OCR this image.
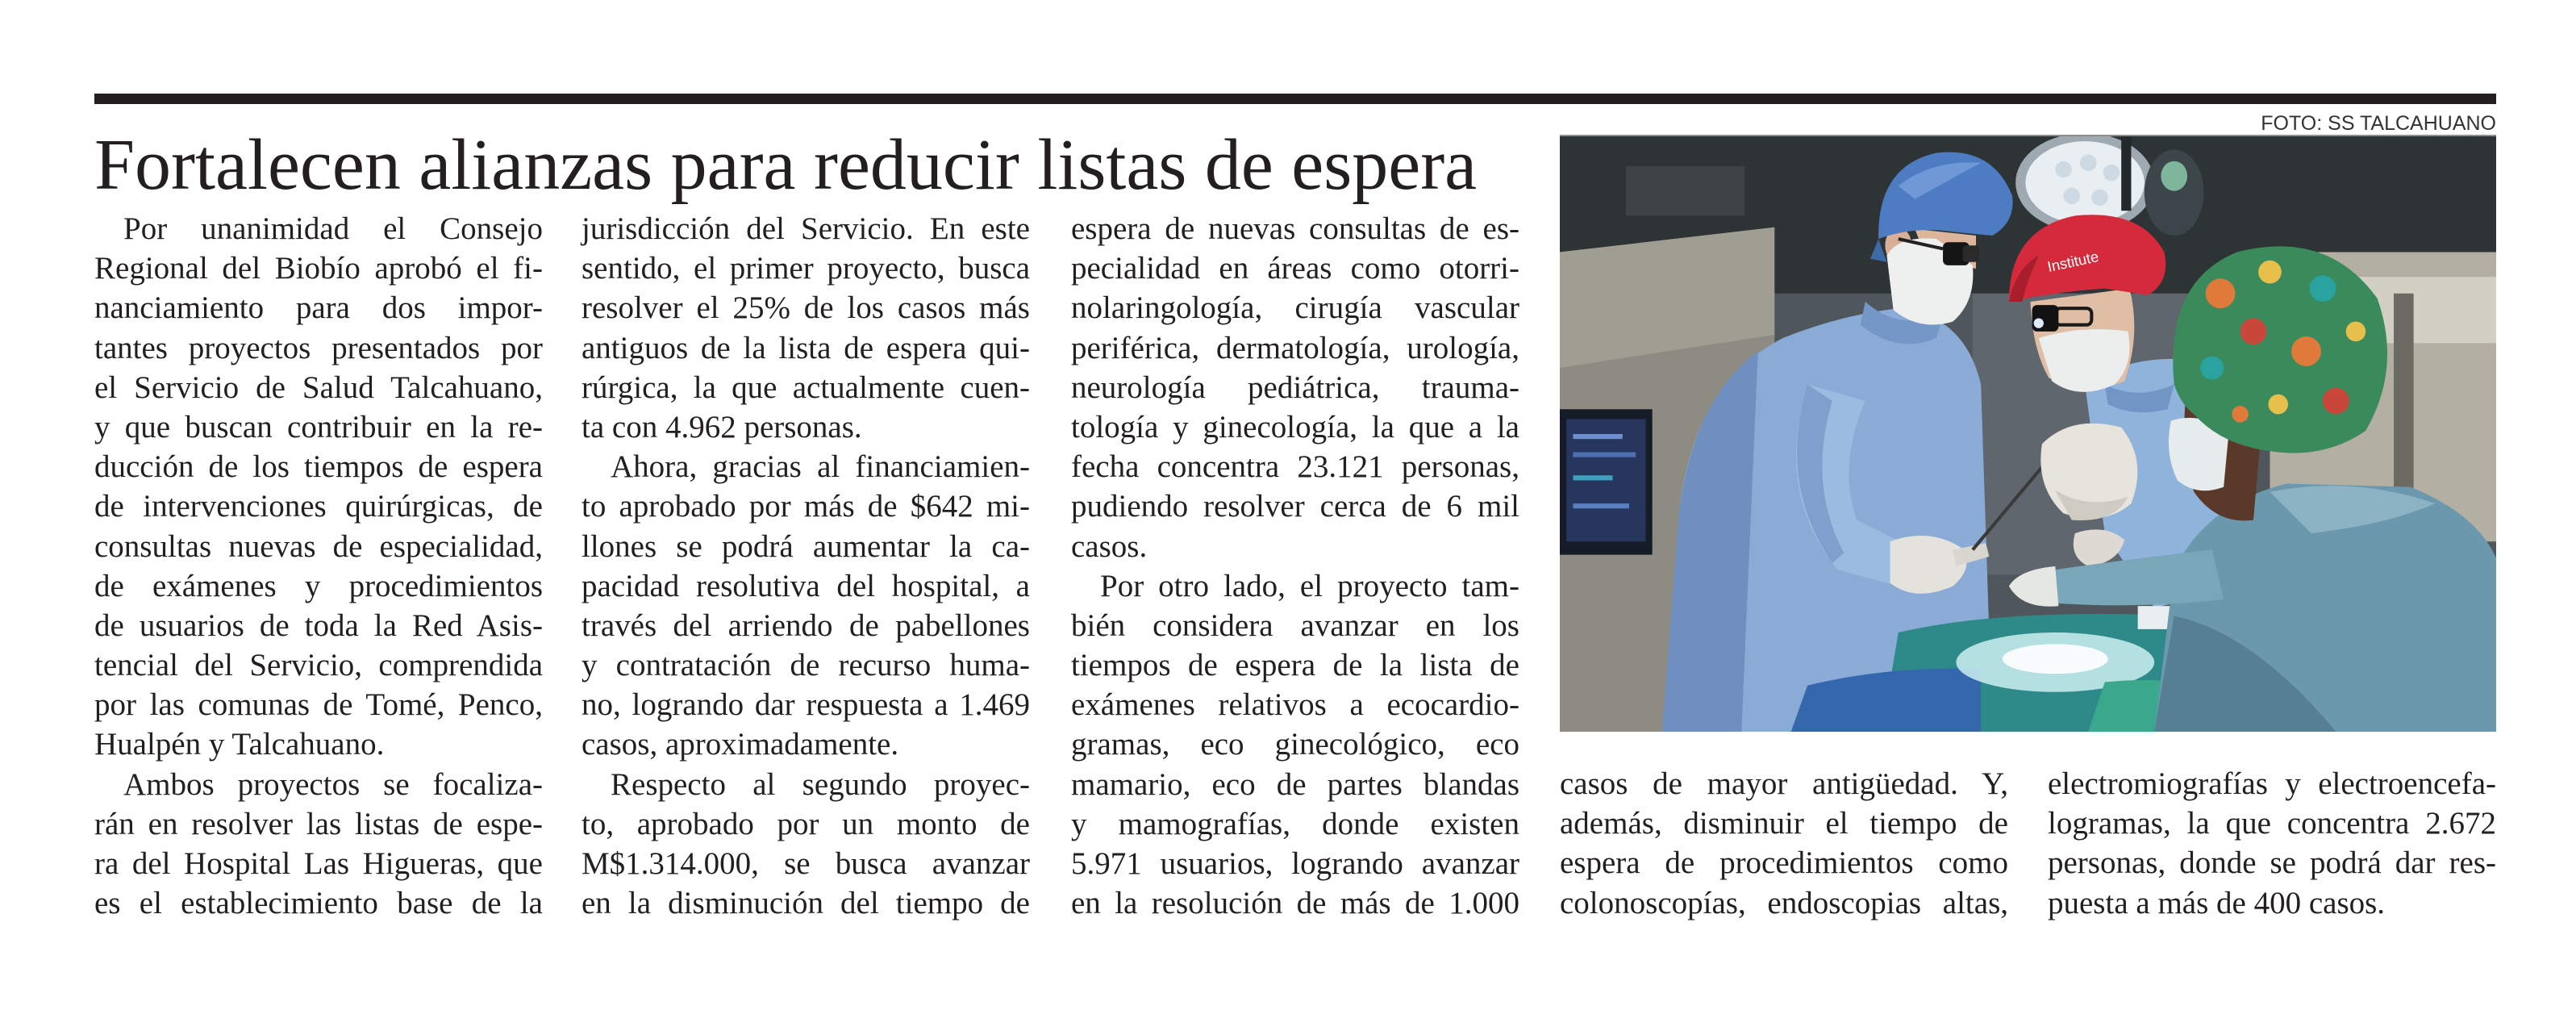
Fortalecen alianzas para reducir listas de espera
FOTO: SS TALCAHUANO
Institute
Por unanimidad el Consejo
Regional del Biobío aprobó el fi-
nanciamiento para dos impor-
tantes proyectos presentados por
el Servicio de Salud Talcahuano,
y que buscan contribuir en la re-
ducción de los tiempos de espera
de intervenciones quirúrgicas, de
consultas nuevas de especialidad,
de exámenes y procedimientos
de usuarios de toda la Red Asis-
tencial del Servicio, comprendida
por las comunas de Tomé, Penco,
Hualpén y Talcahuano.
Ambos proyectos se focaliza-
rán en resolver las listas de espe-
ra del Hospital Las Higueras, que
es el establecimiento base de la
jurisdicción del Servicio. En este
sentido, el primer proyecto, busca
resolver el 25% de los casos más
antiguos de la lista de espera qui-
rúrgica, la que actualmente cuen-
ta con 4.962 personas.
Ahora, gracias al financiamien-
to aprobado por más de $642 mi-
llones se podrá aumentar la ca-
pacidad resolutiva del hospital, a
través del arriendo de pabellones
y contratación de recurso huma-
no, logrando dar respuesta a 1.469
casos, aproximadamente.
Respecto al segundo proyec-
to, aprobado por un monto de
M$1.314.000, se busca avanzar
en la disminución del tiempo de
espera de nuevas consultas de es-
pecialidad en áreas como otorri-
nolaringología, cirugía vascular
periférica, dermatología, urología,
neurología pediátrica, trauma-
tología y ginecología, la que a la
fecha concentra 23.121 personas,
pudiendo resolver cerca de 6 mil
casos.
Por otro lado, el proyecto tam-
bién considera avanzar en los
tiempos de espera de la lista de
exámenes relativos a ecocardio-
gramas, eco ginecológico, eco
mamario, eco de partes blandas
y mamografías, donde existen
5.971 usuarios, logrando avanzar
en la resolución de más de 1.000
casos de mayor antigüedad. Y,
además, disminuir el tiempo de
espera de procedimientos como
colonoscopías, endoscopias altas,
electromiografías y electroencefa-
logramas, la que concentra 2.672
personas, donde se podrá dar res-
puesta a más de 400 casos.
